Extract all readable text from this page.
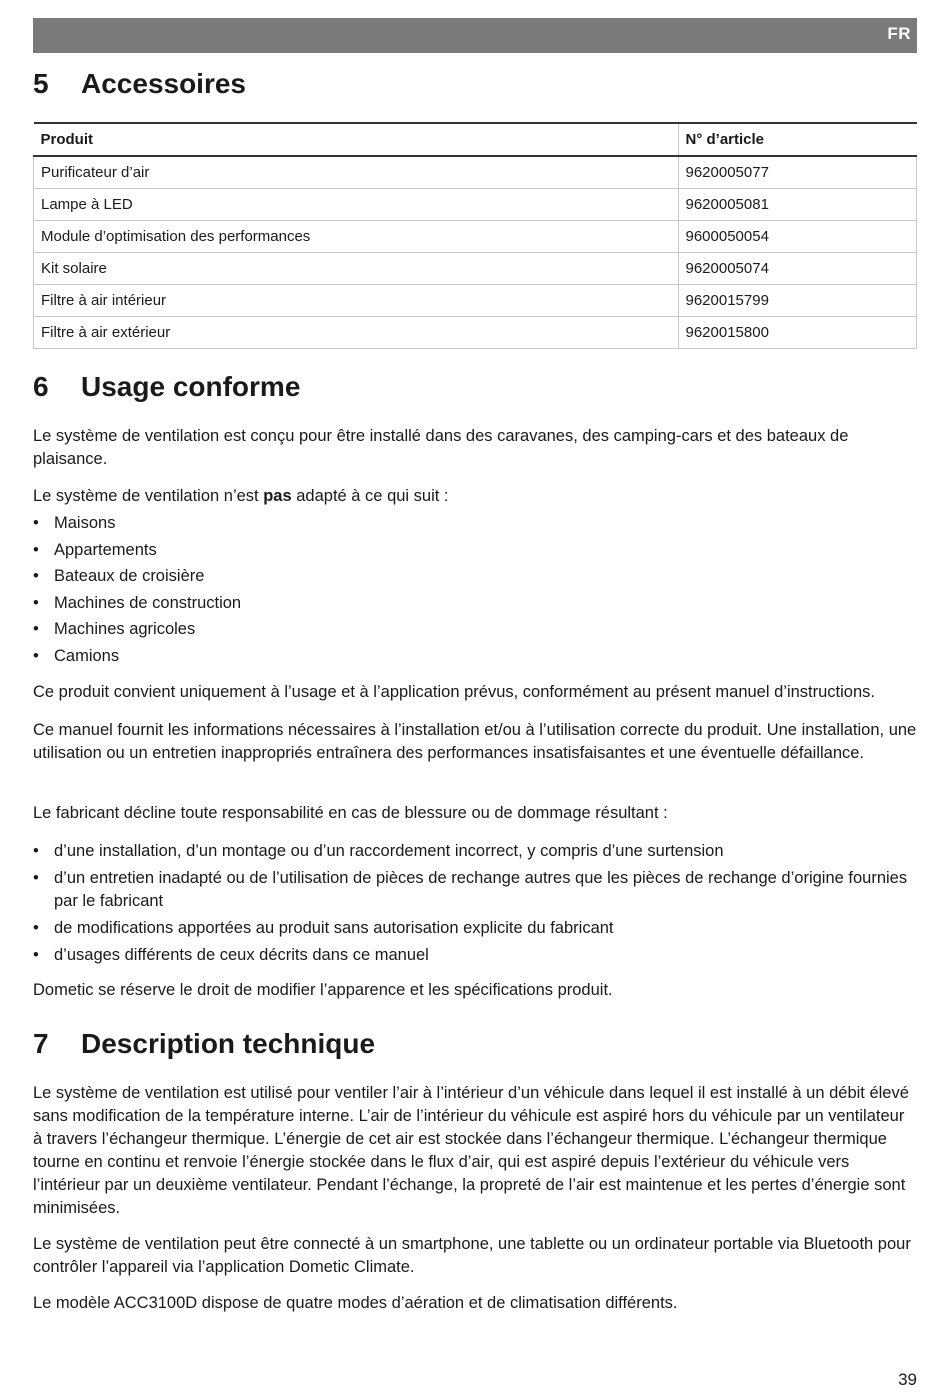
FR
5 Accessoires
Produit	N° d’article
Purificateur d’air	9620005077
Lampe à LED	9620005081
Module d’optimisation des performances	9600050054
Kit solaire	9620005074
Filtre à air intérieur	9620015799
Filtre à air extérieur	9620015800
6 Usage conforme

Le système de ventilation est conçu pour être installé dans des caravanes, des camping-cars et des bateaux de plaisance.

Le système de ventilation n’est pas adapté à ce qui suit :

• Maisons
• Appartements
• Bateaux de croisière
• Machines de construction
• Machines agricoles
• Camions

Ce produit convient uniquement à l’usage et à l’application prévus, conformément au présent manuel d’instructions.

Ce manuel fournit les informations nécessaires à l’installation et/ou à l’utilisation correcte du produit. Une installation, une utilisation ou un entretien inappropriés entraînera des performances insatisfaisantes et une éventuelle défaillance.

Le fabricant décline toute responsabilité en cas de blessure ou de dommage résultant :

• d’une installation, d’un montage ou d’un raccordement incorrect, y compris d’une surtension
• d’un entretien inadapté ou de l’utilisation de pièces de rechange autres que les pièces de rechange d’origine fournies par le fabricant
• de modifications apportées au produit sans autorisation explicite du fabricant
• d’usages différents de ceux décrits dans ce manuel

Dometic se réserve le droit de modifier l’apparence et les spécifications produit.

7 Description technique

Le système de ventilation est utilisé pour ventiler l’air à l’intérieur d’un véhicule dans lequel il est installé à un débit élevé sans modification de la température interne. L’air de l’intérieur du véhicule est aspiré hors du véhicule par un ventilateur à travers l’échangeur thermique. L’énergie de cet air est stockée dans l’échangeur thermique. L’échangeur thermique tourne en continu et renvoie l’énergie stockée dans le flux d’air, qui est aspiré depuis l’extérieur du véhicule vers l’intérieur par un deuxième ventilateur. Pendant l’échange, la propreté de l’air est maintenue et les pertes d’énergie sont minimisées.

Le système de ventilation peut être connecté à un smartphone, une tablette ou un ordinateur portable via Bluetooth pour contrôler l’appareil via l’application Dometic Climate.

Le modèle ACC3100D dispose de quatre modes d’aération et de climatisation différents.

39
